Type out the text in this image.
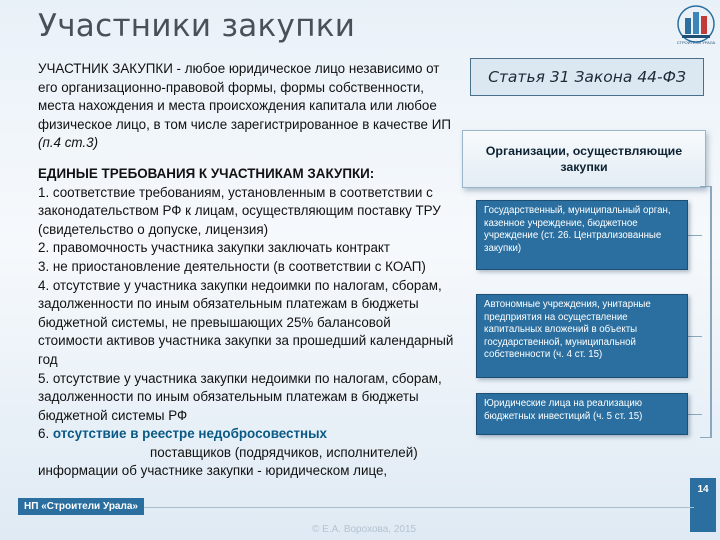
Участники закупки	СТРОИТЕЛИ УРАЛА

УЧАСТНИК ЗАКУПКИ - любое юридическое лицо независимо от его организационно-правовой формы, формы собственности, места нахождения и места происхождения капитала или любое физическое лицо, в том числе зарегистрированное в качестве ИП (п.4 ст.3)

ЕДИНЫЕ ТРЕБОВАНИЯ К УЧАСТНИКАМ ЗАКУПКИ:
1. соответствие требованиям, установленным в соответствии с законодательством РФ к лицам, осуществляющим поставку ТРУ (свидетельство о допуске, лицензия)
2. правомочность участника закупки заключать контракт
3. не приостановление деятельности (в соответствии с КОАП)
4. отсутствие у участника закупки недоимки по налогам, сборам, задолженности по иным обязательным платежам в бюджеты бюджетной системы, не превышающих 25% балансовой стоимости активов участника закупки за прошедший календарный год
5. отсутствие у участника закупки недоимки по налогам, сборам, задолженности по иным обязательным платежам в бюджеты бюджетной системы РФ
6. отсутствие в реестре недобросовестных
поставщиков (подрядчиков, исполнителей)
информации об участнике закупки - юридическом лице,
Статья 31 Закона 44-ФЗ
Организации, осуществляющие закупки
Государственный, муниципальный орган, казенное учреждение, бюджетное учреждение (ст. 26. Централизованные закупки)
Автономные учреждения, унитарные предприятия на осуществление капитальных вложений в объекты государственной, муниципальной собственности (ч. 4 ст. 15)
Юридические лица на реализацию бюджетных инвестиций (ч. 5 ст. 15)
НП «Строители Урала»
14
© Е.А. Ворохова, 2015
